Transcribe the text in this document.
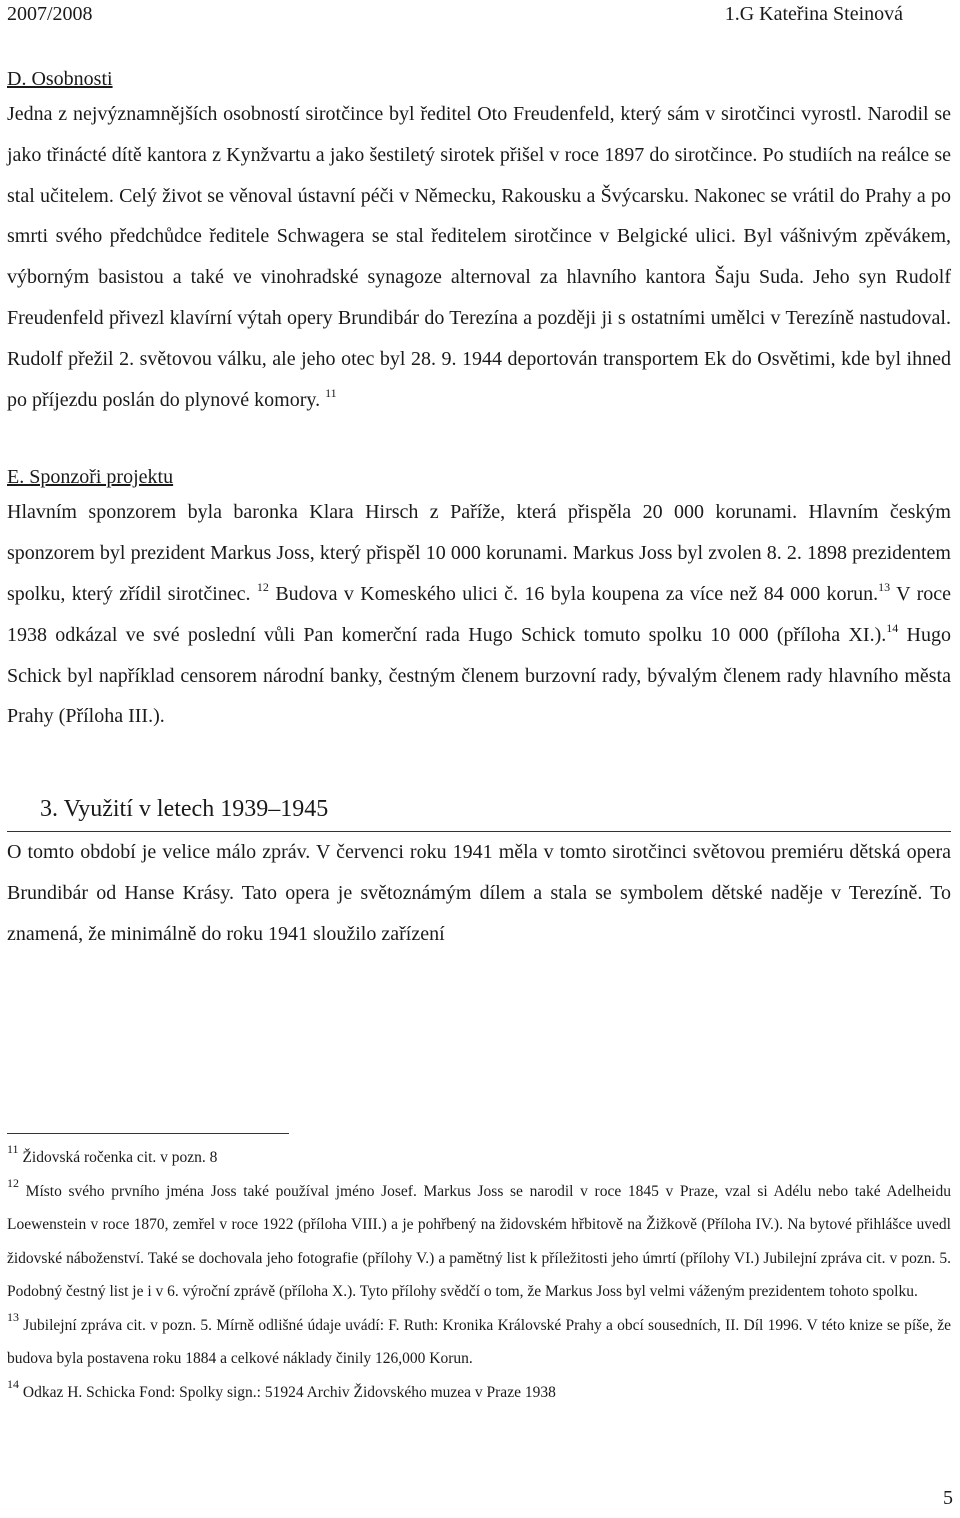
2007/2008	1.G Kateřina Steinová
D. Osobnosti

Jedna z nejvýznamnějších osobností sirotčince byl ředitel Oto Freudenfeld, který sám v sirotčinci vyrostl. Narodil se jako třinácté dítě kantora z Kynžvartu a jako šestiletý sirotek přišel v roce 1897 do sirotčince. Po studiích na reálce se stal učitelem. Celý život se věnoval ústavní péči v Německu, Rakousku a Švýcarsku. Nakonec se vrátil do Prahy a po smrti svého předchůdce ředitele Schwagera se stal ředitelem sirotčince v Belgické ulici. Byl vášnivým zpěvákem, výborným basistou a také ve vinohradské synagoze alternoval za hlavního kantora Šaju Suda. Jeho syn Rudolf Freudenfeld přivezl klavírní výtah opery Brundibár do Terezína a později ji s ostatními umělci v Terezíně nastudoval. Rudolf přežil 2. světovou válku, ale jeho otec byl 28. 9. 1944 deportován transportem Ek do Osvětimi, kde byl ihned po příjezdu poslán do plynové komory. $^{11}$

E. Sponzoři projektu

Hlavním sponzorem byla baronka Klara Hirsch z Paříže, která přispěla 20 000 korunami. Hlavním českým sponzorem byl prezident Markus Joss, který přispěl 10 000 korunami. Markus Joss byl zvolen 8. 2. 1898 prezidentem spolku, který zřídil sirotčinec. $^{12}$ Budova v Komeského ulici č. 16 byla koupena za více než 84 000 korun.$^{13}$ V roce 1938 odkázal ve své poslední vůli Pan komerční rada Hugo Schick tomuto spolku 10 000 (příloha XI.).$^{14}$ Hugo Schick byl například censorem národní banky, čestným členem burzovní rady, bývalým členem rady hlavního města Prahy (Příloha III.).

3. Využití v letech 1939–1945

O tomto období je velice málo zpráv. V červenci roku 1941 měla v tomto sirotčinci světovou premiéru dětská opera Brundibár od Hanse Krásy. Tato opera je světoznámým dílem a stala se symbolem dětské naděje v Terezíně. To znamená, že minimálně do roku 1941 sloužilo zařízení

$^{11}$ Židovská ročenka cit. v pozn. 8

$^{12}$ Místo svého prvního jména Joss také používal jméno Josef. Markus Joss se narodil v roce 1845 v Praze, vzal si Adélu nebo také Adelheidu Loewenstein v roce 1870, zemřel v roce 1922 (příloha VIII.) a je pohřbený na židovském hřbitově na Žižkově (Příloha IV.). Na bytové přihlášce uvedl židovské náboženství. Také se dochovala jeho fotografie (přílohy V.) a pamětný list k příležitosti jeho úmrtí (přílohy VI.) Jubilejní zpráva cit. v pozn. 5. Podobný čestný list je i v 6. výroční zprávě (příloha X.). Tyto přílohy svědčí o tom, že Markus Joss byl velmi váženým prezidentem tohoto spolku.

$^{13}$ Jubilejní zpráva cit. v pozn. 5. Mírně odlišné údaje uvádí: F. Ruth: Kronika Královské Prahy a obcí sousedních, II. Díl 1996. V této knize se píše, že budova byla postavena roku 1884 a celkové náklady činily 126,000 Korun.

$^{14}$ Odkaz H. Schicka Fond: Spolky sign.: 51924 Archiv Židovského muzea v Praze 1938

5
